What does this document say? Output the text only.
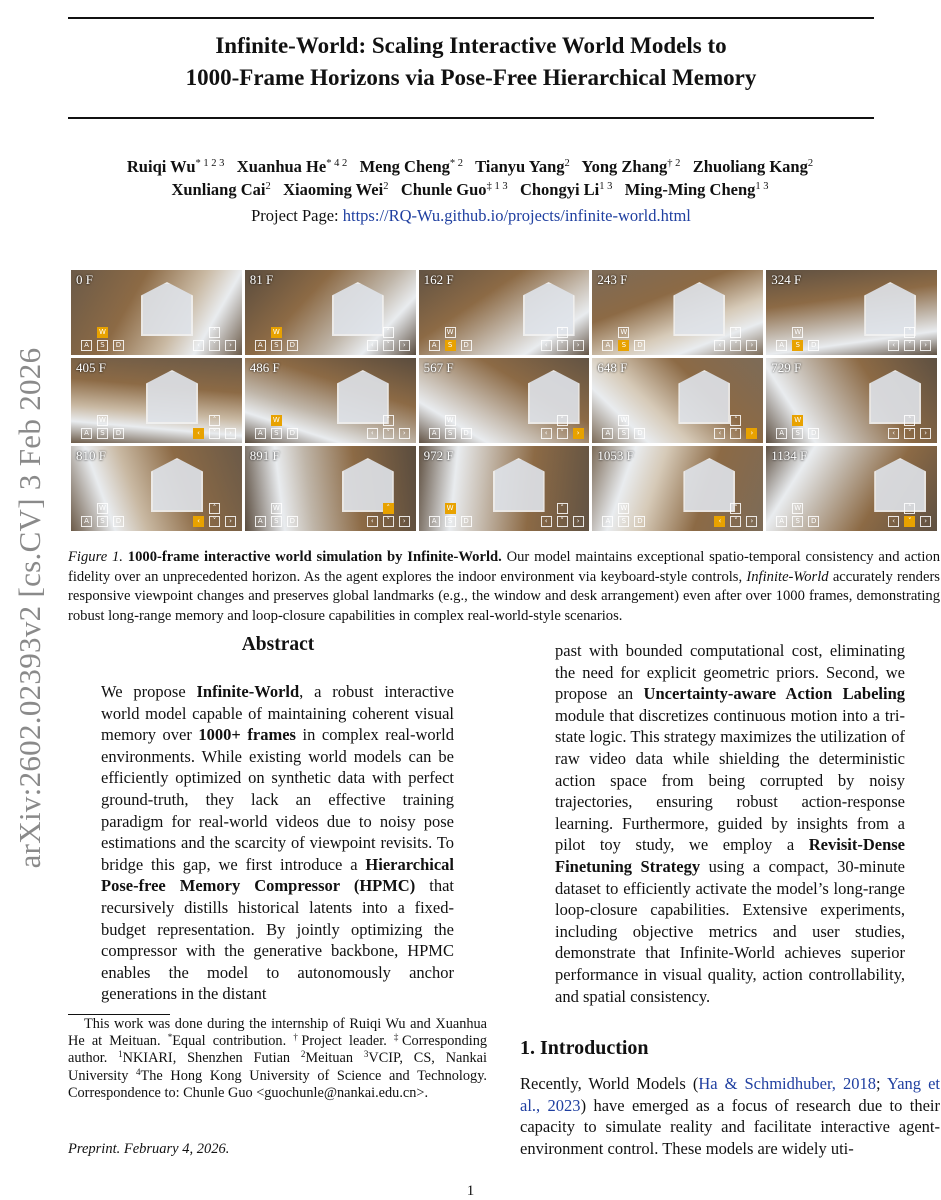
Infinite-World: Scaling Interactive World Models to
1000-Frame Horizons via Pose-Free Hierarchical Memory
Ruiqi $Wu^{* 1 2 3}$ Xuanhua $He^{* 4 2}$ Meng Cheng$^{* 2}$ Tianyu Yang$^2$ Yong Zhang$^{\dagger 2}$ Zhuoliang Kang$^2$
Xunliang Cai$^2$ Xiaoming Wei$^2$ Chunle Guo$^{\ddagger 1 3}$ Chongyi $Li^{1 3}$ Ming-Ming Cheng$^{1 3}$
Project Page: https://RQ-Wu.github.io/projects/infinite-world.html
arXiv:2602.02393v2 [cs.CV] 3 Feb 2026
0 F
W
A	S	D
˄
‹	˅	›
81 F
W
A	S	D
˄
‹	˅	›
162 F
W
A	S	D
˄
‹	˅	›
243 F
W
A	S	D
˄
‹	˅	›
324 F
W
A	S	D
˄
‹	˅	›
405 F
W
A	S	D
˄
‹	˅	›
486 F
W
A	S	D
˄
‹	˅	›
567 F
W
A	S	D
˄
‹	˅	›
648 F
W
A	S	D
˄
‹	˅	›
729 F
W
A	S	D
˄
‹	˅	›
810 F
W
A	S	D
˄
‹	˅	›
891 F
W
A	S	D
˄
‹	˅	›
972 F
W
A	S	D
˄
‹	˅	›
1053 F
W
A	S	D
˄
‹	˅	›
1134 F
W
A	S	D
˄
‹	˅	›
Figure 1. 1000-frame interactive world simulation by Infinite-World. Our model maintains exceptional spatio-temporal consistency and action fidelity over an unprecedented horizon. As the agent explores the indoor environment via keyboard-style controls, Infinite-World accurately renders responsive viewpoint changes and preserves global landmarks (e.g., the window and desk arrangement) even after over 1000 frames, demonstrating robust long-range memory and loop-closure capabilities in complex real-world-style scenarios.
Abstract
We propose Infinite-World, a robust interactive world model capable of maintaining coherent visual memory over 1000+ frames in complex real-world environments. While existing world models can be efficiently optimized on synthetic data with perfect ground-truth, they lack an effective training paradigm for real-world videos due to noisy pose estimations and the scarcity of viewpoint revisits. To bridge this gap, we first introduce a Hierarchical Pose-free Memory Compressor (HPMC) that recursively distills historical latents into a fixed-budget representation. By jointly optimizing the compressor with the generative backbone, HPMC enables the model to autonomously anchor generations in the distant
past with bounded computational cost, eliminating the need for explicit geometric priors. Second, we propose an Uncertainty-aware Action Labeling module that discretizes continuous motion into a tri-state logic. This strategy maximizes the utilization of raw video data while shielding the deterministic action space from being corrupted by noisy trajectories, ensuring robust action-response learning. Furthermore, guided by insights from a pilot toy study, we employ a Revisit-Dense Finetuning Strategy using a compact, 30-minute dataset to efficiently activate the model’s long-range loop-closure capabilities. Extensive experiments, including objective metrics and user studies, demonstrate that Infinite-World achieves superior performance in visual quality, action controllability, and spatial consistency.
This work was done during the internship of Ruiqi Wu and Xuanhua He at Meituan. *Equal contribution. †Project leader. ‡Corresponding author. $^1$NKIARI, Shenzhen Futian $^2$Meituan $^3$VCIP, CS, Nankai University $^4$The Hong Kong University of Science and Technology. Correspondence to: Chunle Guo <guochunle@nankai.edu.cn>.
Preprint. February 4, 2026.
1. Introduction
Recently, World Models (Ha & Schmidhuber, 2018; Yang et al., 2023) have emerged as a focus of research due to their capacity to simulate reality and facilitate interactive agent-environment control. These models are widely uti-
1
